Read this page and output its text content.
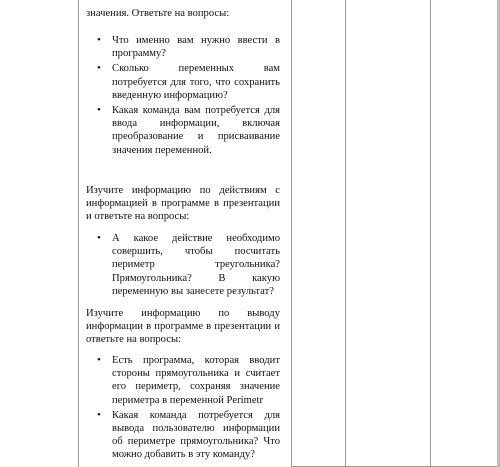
значения. Ответьте на вопросы:

• Что именно вам нужно ввести в программу?
• Сколько переменных вам потребуется для того, что сохранить введенную информацию?
• Какая команда вам потребуется для ввода информации, включая преобразование и присваивание значения переменной.

Изучите информацию по действиям с информацией в программе в презентации и ответьте на вопросы:

• А какое действие необходимо совершить, чтобы посчитать периметр треугольника? Прямоугольника? В какую переменную вы занесете результат?

Изучите информацию по выводу информации в программе в презентации и ответьте на вопросы:

• Есть программа, которая вводит стороны прямоугольника и считает его периметр, сохраняя значение периметра в переменной Perimetr
• Какая команда потребуется для вывода пользователю информации об периметре прямоугольника? Что можно добавить в эту команду?
